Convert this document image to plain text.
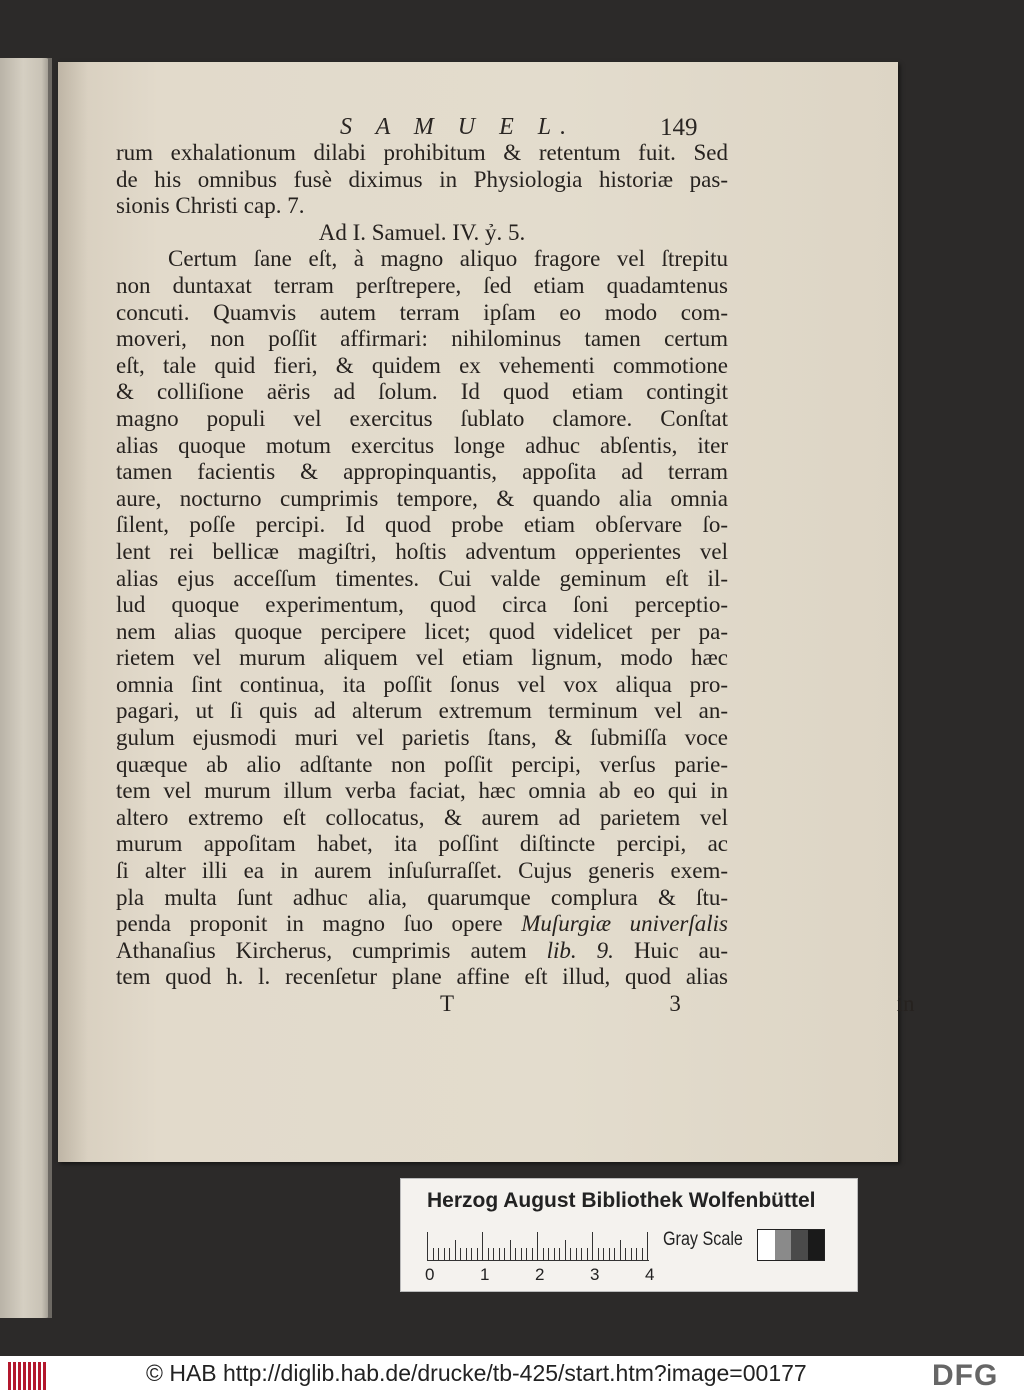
S A M U E L.	149
rum exhalationum dilabi prohibitum & retentum fuit. Sed
de his omnibus fusè diximus in Physiologia historiæ pas-
sionis Christi cap. 7.
Ad I. Samuel. IV. ỷ. 5.
Certum ſane eſt, à magno aliquo fragore vel ſtrepitu
non duntaxat terram perſtrepere, ſed etiam quadamtenus
concuti. Quamvis autem terram ipſam eo modo com-
moveri, non poſſit affirmari: nihilominus tamen certum
eſt, tale quid fieri, & quidem ex vehementi commotione
& colliſione aëris ad ſolum. Id quod etiam contingit
magno populi vel exercitus ſublato clamore. Conſtat
alias quoque motum exercitus longe adhuc abſentis, iter
tamen facientis & appropinquantis, appoſita ad terram
aure, nocturno cumprimis tempore, & quando alia omnia
ſilent, poſſe percipi. Id quod probe etiam obſervare ſo-
lent rei bellicæ magiſtri, hoſtis adventum opperientes vel
alias ejus acceſſum timentes. Cui valde geminum eſt il-
lud quoque experimentum, quod circa ſoni perceptio-
nem alias quoque percipere licet; quod videlicet per pa-
rietem vel murum aliquem vel etiam lignum, modo hæc
omnia ſint continua, ita poſſit ſonus vel vox aliqua pro-
pagari, ut ſi quis ad alterum extremum terminum vel an-
gulum ejusmodi muri vel parietis ſtans, & ſubmiſſa voce
quæque ab alio adſtante non poſſit percipi, verſus parie-
tem vel murum illum verba faciat, hæc omnia ab eo qui in
altero extremo eſt collocatus, & aurem ad parietem vel
murum appoſitam habet, ita poſſint diſtincte percipi, ac
ſi alter illi ea in aurem inſuſurraſſet. Cujus generis exem-
pla multa ſunt adhuc alia, quarumque complura & ſtu-
penda proponit in magno ſuo opere Muſurgiæ univerſalis
Athanaſius Kircherus, cumprimis autem lib. 9. Huic au-
tem quod h. l. recenſetur plane affine eſt illud, quod alias
T 3 in
Herzog August Bibliothek Wolfenbüttel
0	1	2	3	4
Gray Scale
© HAB http://diglib.hab.de/drucke/tb-425/start.htm?image=00177	DFG
